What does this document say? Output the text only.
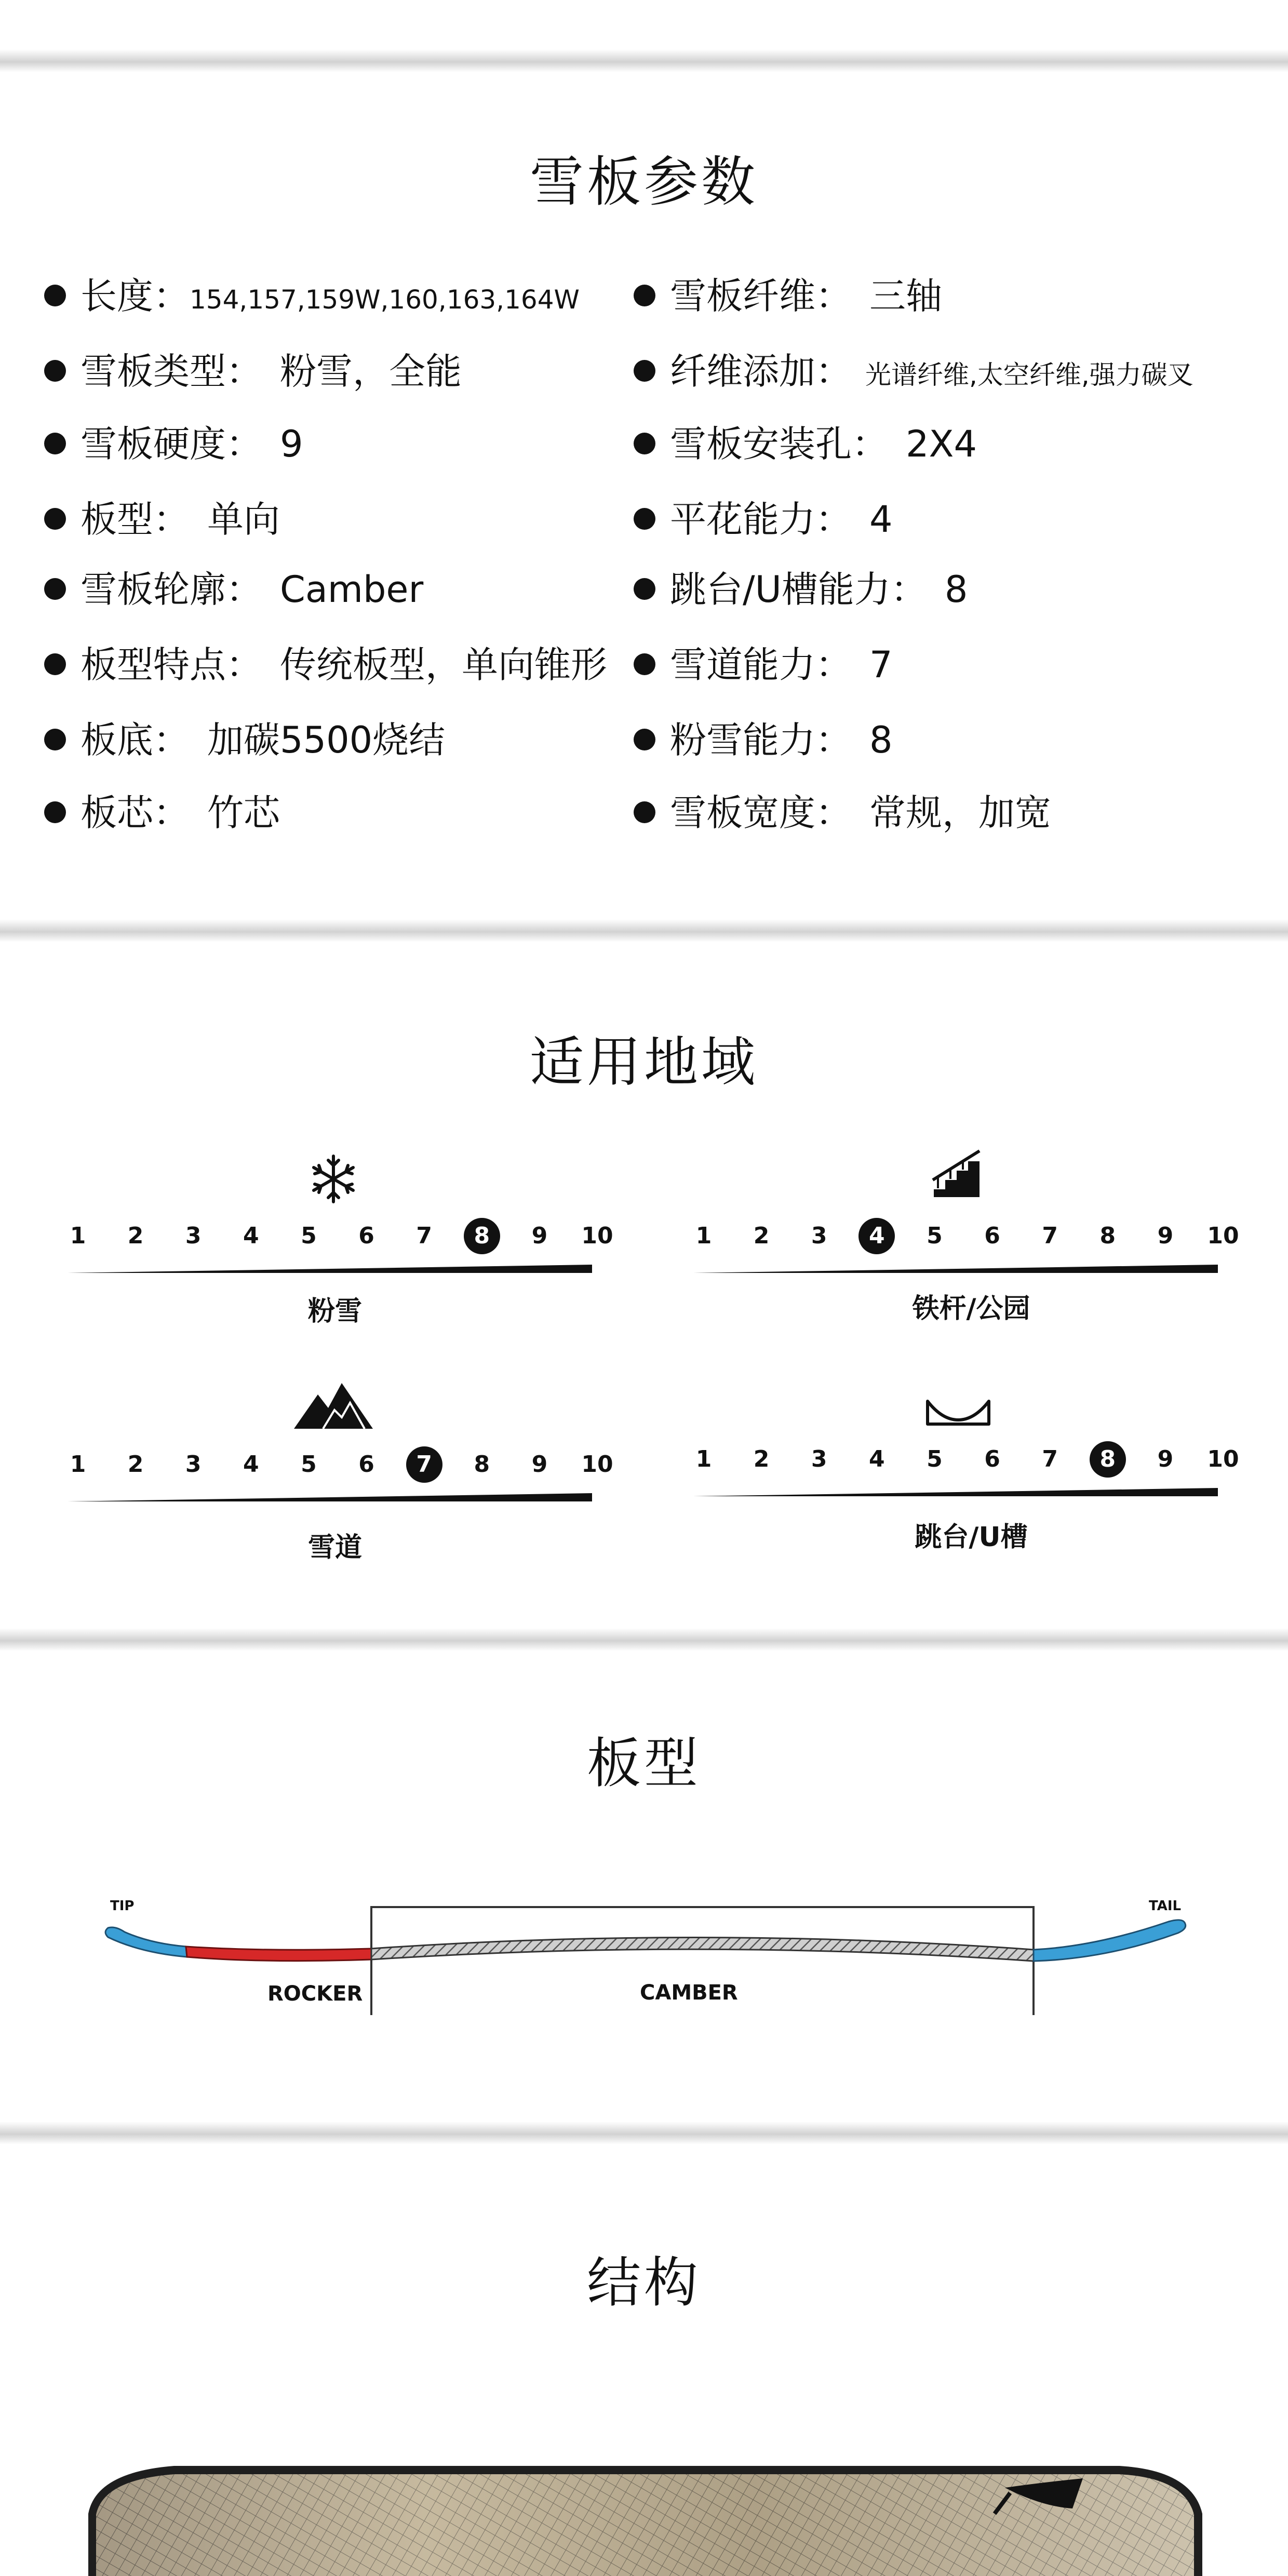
雪板参数
长度：154,157,159W,160,163,164W
雪板类型： 粉雪，全能
雪板硬度： 9
板型： 单向
雪板轮廓： Camber
板型特点： 传统板型，单向锥形
板底： 加碳5500烧结
板芯： 竹芯
雪板纤维： 三轴
纤维添加： 光谱纤维,太空纤维,强力碳叉
雪板安装孔： 2X4
平花能力： 4
跳台/U槽能力： 8
雪道能力： 7
粉雪能力： 8
雪板宽度： 常规，加宽
适用地域
1	2	3	4	5	6	7	8	9	10
粉雪
1	2	3	4	5	6	7	8	9	10
铁杆/公园
1	2	3	4	5	6	7	8	9	10
雪道
1	2	3	4	5	6	7	8	9	10
跳台/U槽
板型
TIP	TAIL
ROCKER	CAMBER
结构
